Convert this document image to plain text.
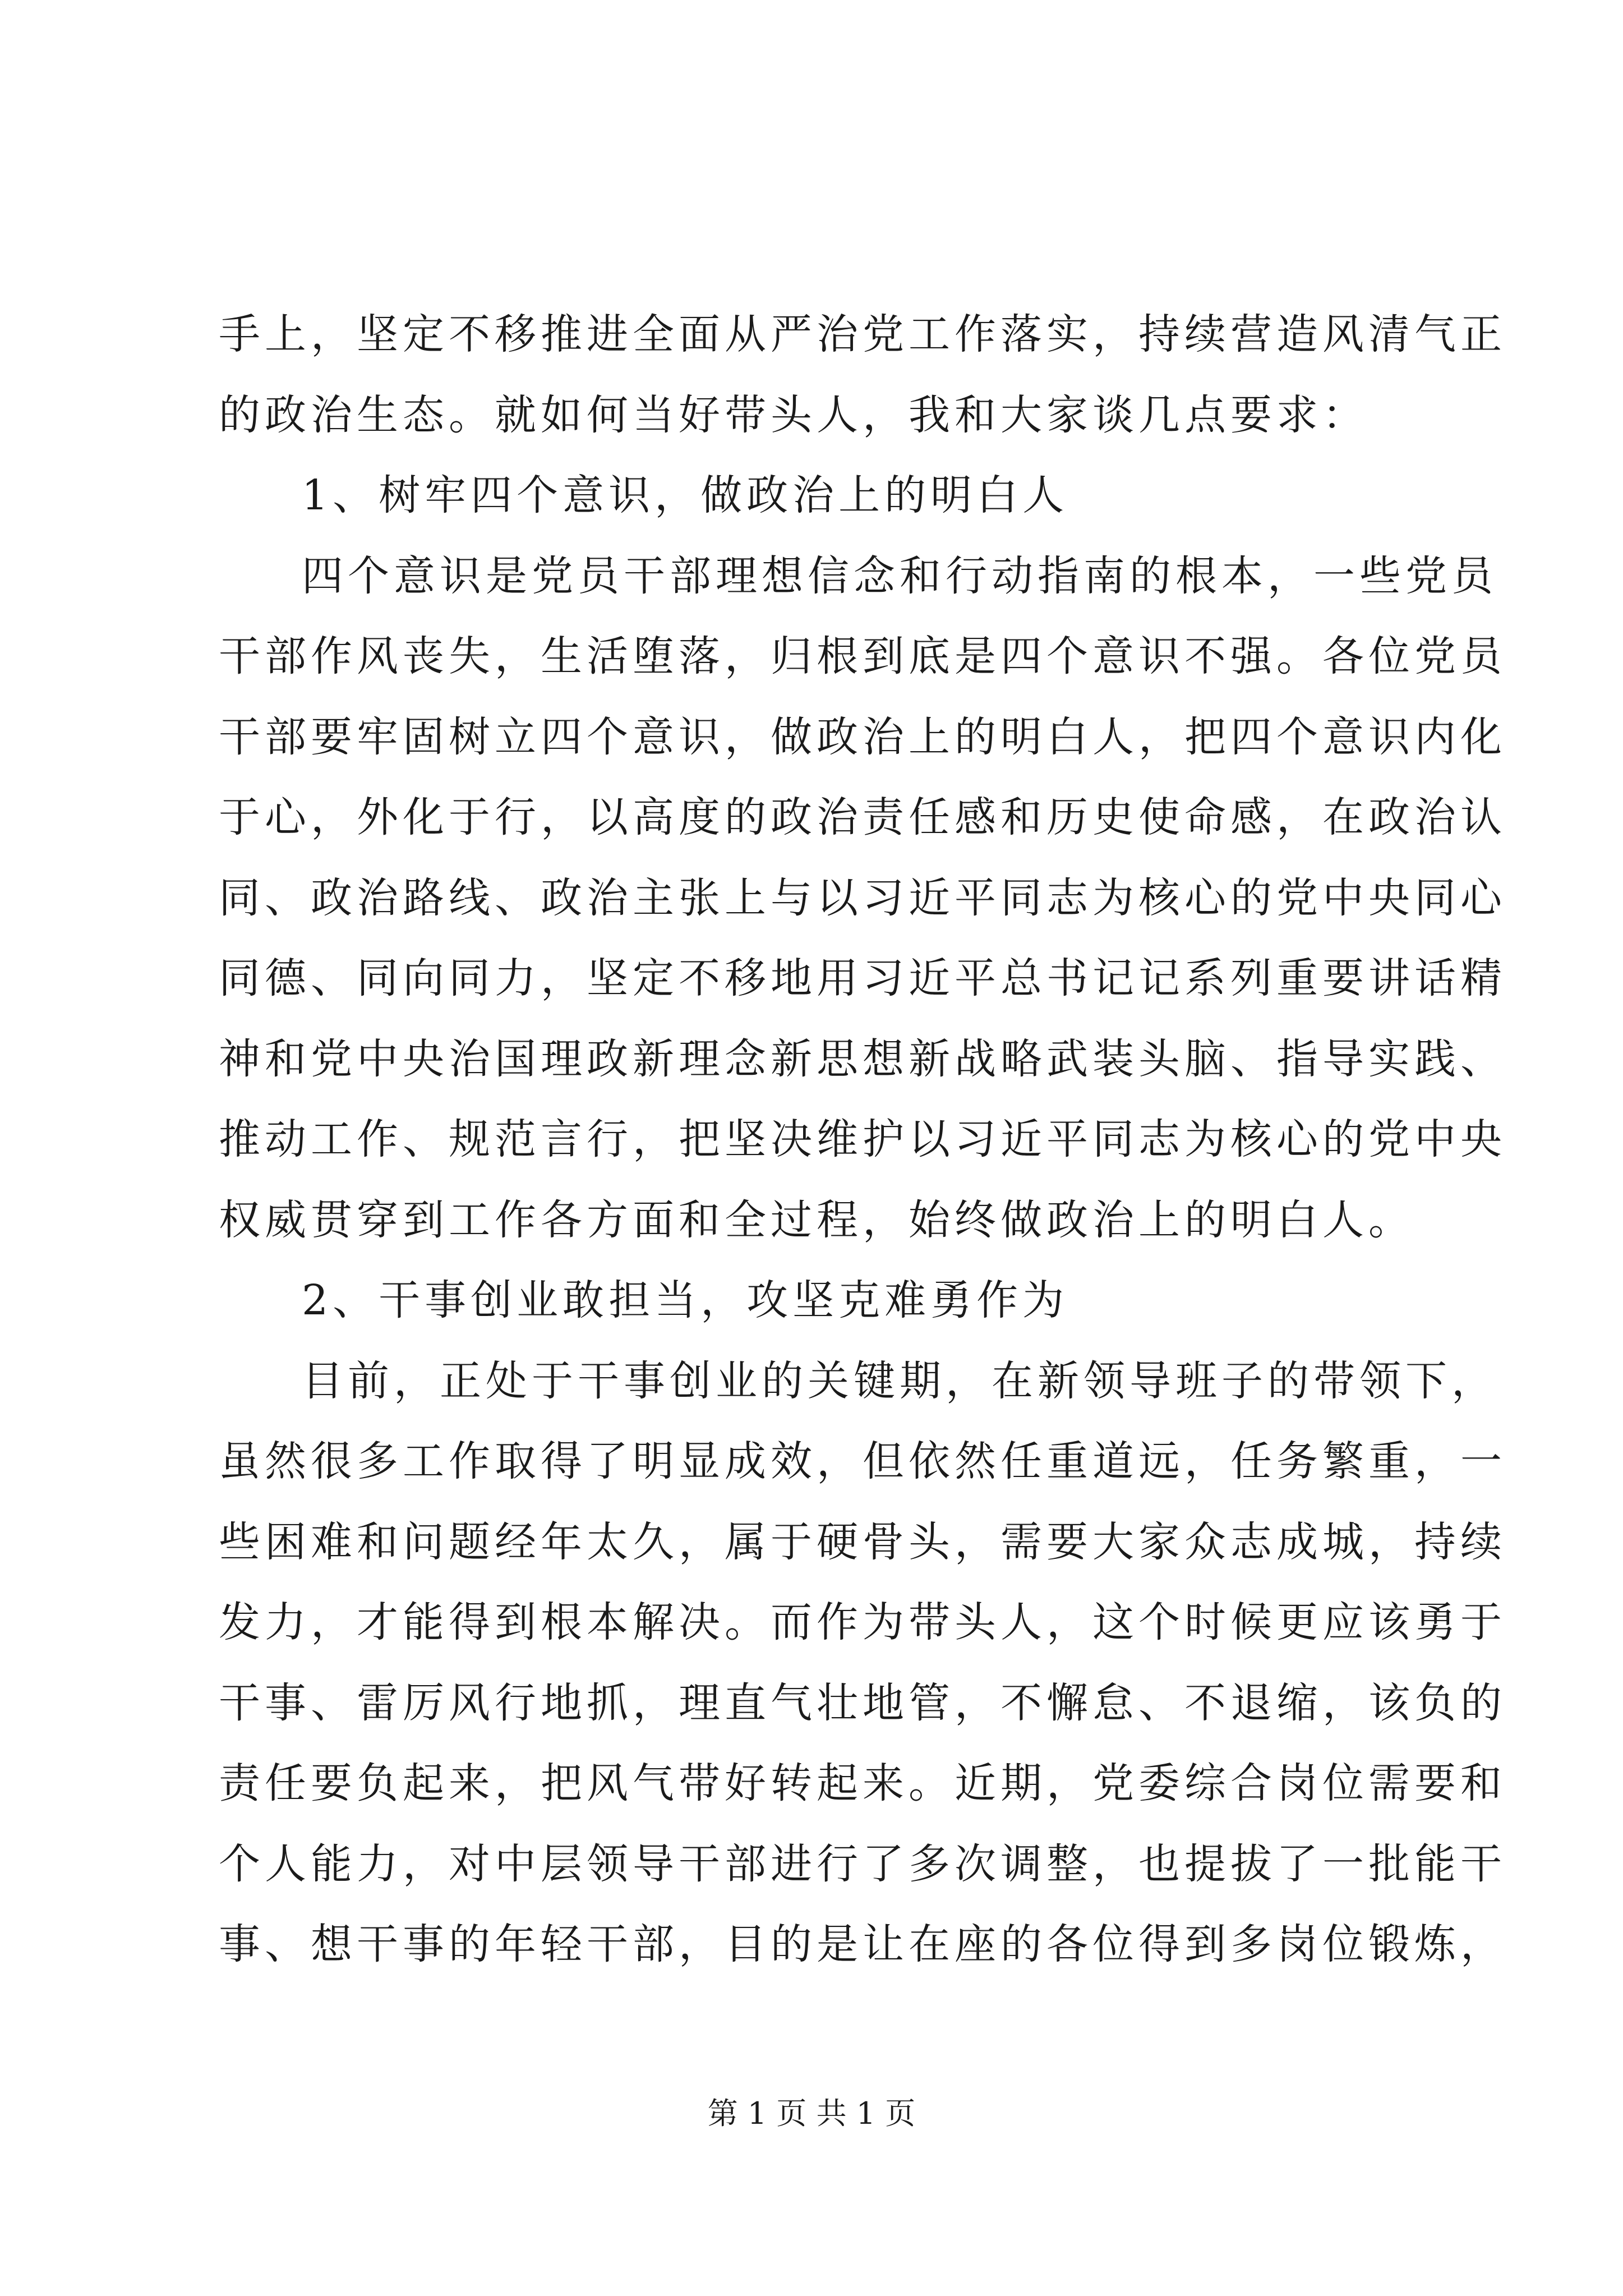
手上，坚定不移推进全面从严治党工作落实，持续营造风清气正
的政治生态。就如何当好带头人，我和大家谈几点要求：
1、树牢四个意识，做政治上的明白人
四个意识是党员干部理想信念和行动指南的根本，一些党员
干部作风丧失，生活堕落，归根到底是四个意识不强。各位党员
干部要牢固树立四个意识，做政治上的明白人，把四个意识内化
于心，外化于行，以高度的政治责任感和历史使命感，在政治认
同、政治路线、政治主张上与以习近平同志为核心的党中央同心
同德、同向同力，坚定不移地用习近平总书记记系列重要讲话精
神和党中央治国理政新理念新思想新战略武装头脑、指导实践、
推动工作、规范言行，把坚决维护以习近平同志为核心的党中央
权威贯穿到工作各方面和全过程，始终做政治上的明白人。
2、干事创业敢担当，攻坚克难勇作为
目前，正处于干事创业的关键期，在新领导班子的带领下，
虽然很多工作取得了明显成效，但依然任重道远，任务繁重，一
些困难和问题经年太久，属于硬骨头，需要大家众志成城，持续
发力，才能得到根本解决。而作为带头人，这个时候更应该勇于
干事、雷厉风行地抓，理直气壮地管，不懈怠、不退缩，该负的
责任要负起来，把风气带好转起来。近期，党委综合岗位需要和
个人能力，对中层领导干部进行了多次调整，也提拔了一批能干
事、想干事的年轻干部，目的是让在座的各位得到多岗位锻炼，
第 1 页 共 1 页
